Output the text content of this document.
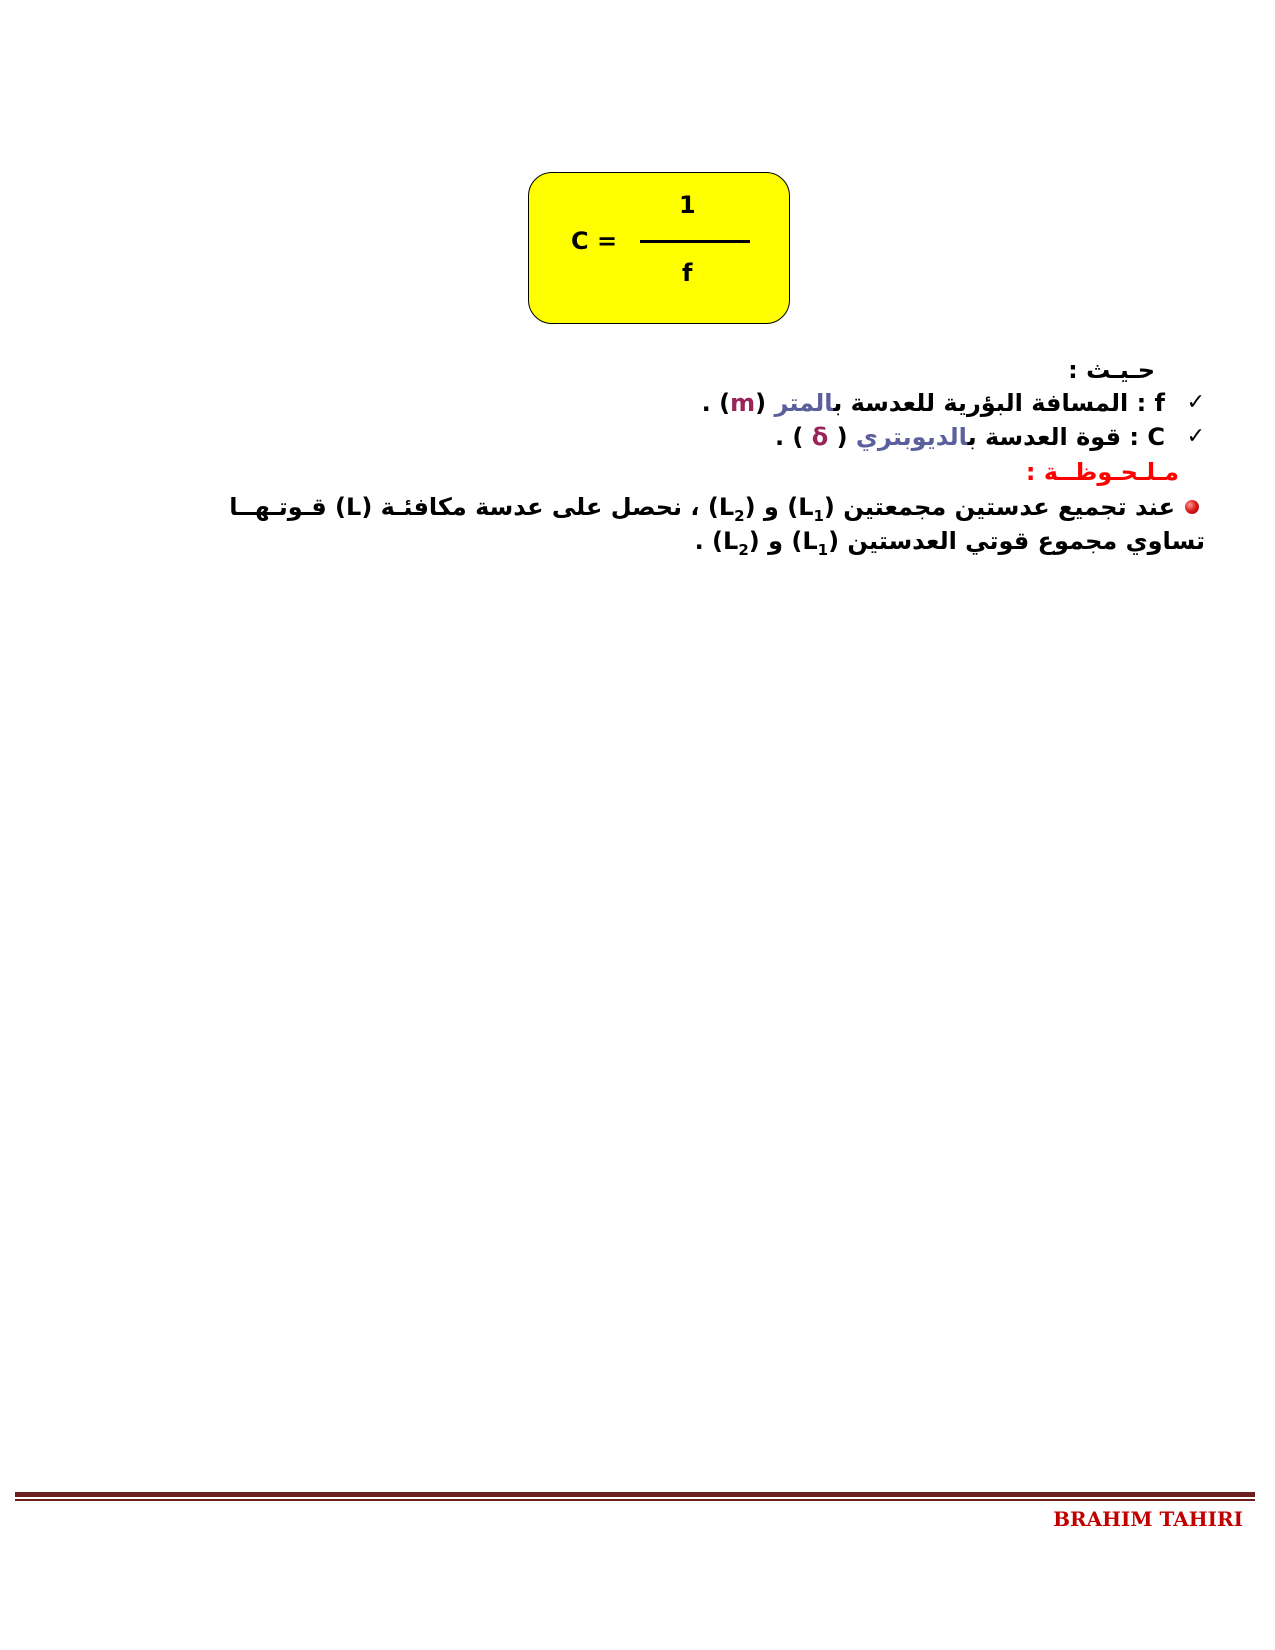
C =
1
f
حـيـث :
✓
f : المسافة البؤرية للعدسة بالمتر (m) .
✓
C : قوة العدسة بالديوبتري ( δ ) .
مـلـحـوظــة :
عند تجميع عدستين مجمعتين $(L_1)$ و $(L_2)$ ، نحصل على عدسة مكافئـة (L) قـوتـهــا
تساوي مجموع قوتي العدستين $(L_1)$ و $(L_2)$ .
BRAHIM TAHIRI
